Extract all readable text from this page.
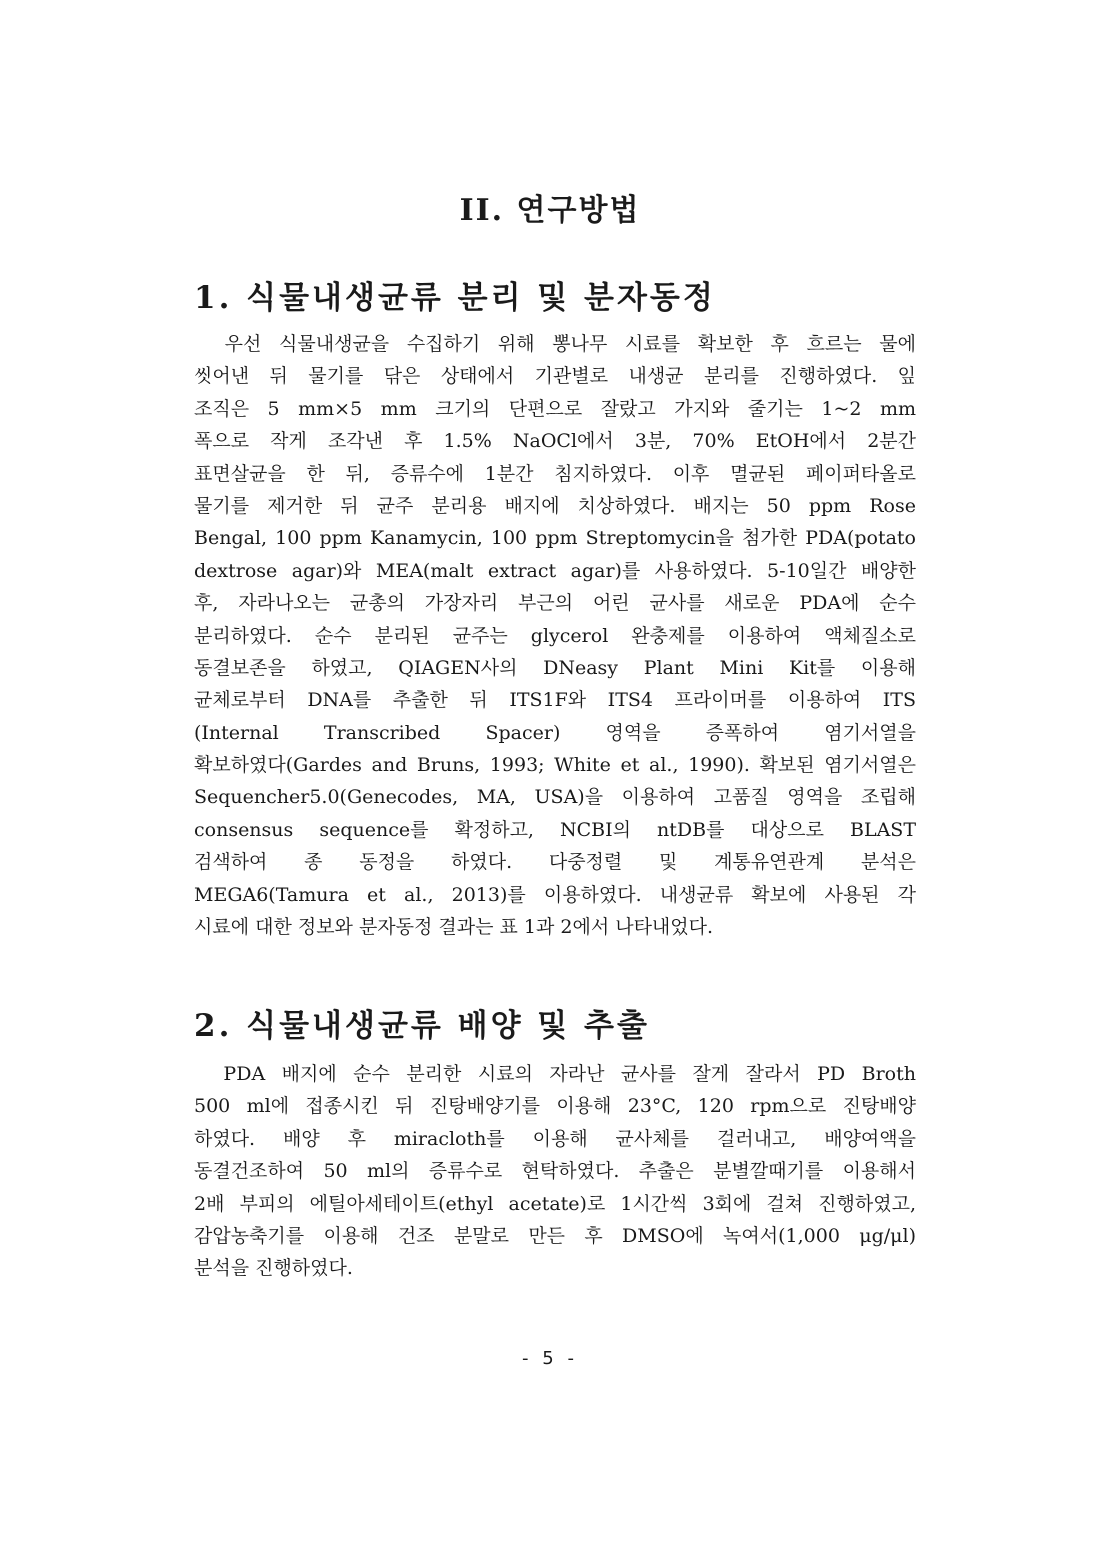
II. 연구방법
1. 식물내생균류 분리 및 분자동정
　우선 식물내생균을 수집하기 위해 뽕나무 시료를 확보한 후 흐르는 물에
씻어낸 뒤 물기를 닦은 상태에서 기관별로 내생균 분리를 진행하였다. 잎
조직은 5 mm×5 mm 크기의 단편으로 잘랐고 가지와 줄기는 1~2 mm
폭으로 작게 조각낸 후 1.5% NaOCl에서 3분, 70% EtOH에서 2분간
표면살균을 한 뒤, 증류수에 1분간 침지하였다. 이후 멸균된 페이퍼타올로
물기를 제거한 뒤 균주 분리용 배지에 치상하였다. 배지는 50 ppm Rose
Bengal, 100 ppm Kanamycin, 100 ppm Streptomycin을 첨가한 PDA(potato
dextrose agar)와 MEA(malt extract agar)를 사용하였다. 5-10일간 배양한
후, 자라나오는 균총의 가장자리 부근의 어린 균사를 새로운 PDA에 순수
분리하였다. 순수 분리된 균주는 glycerol 완충제를 이용하여 액체질소로
동결보존을 하였고, QIAGEN사의 DNeasy Plant Mini Kit를 이용해
균체로부터 DNA를 추출한 뒤 ITS1F와 ITS4 프라이머를 이용하여 ITS
(Internal Transcribed Spacer) 영역을 증폭하여 염기서열을
확보하였다(Gardes and Bruns, 1993; White et al., 1990). 확보된 염기서열은
Sequencher5.0(Genecodes, MA, USA)을 이용하여 고품질 영역을 조립해
consensus sequence를 확정하고, NCBI의 ntDB를 대상으로 BLAST
검색하여 종 동정을 하였다. 다중정렬 및 계통유연관계 분석은
MEGA6(Tamura et al., 2013)를 이용하였다. 내생균류 확보에 사용된 각
시료에 대한 정보와 분자동정 결과는 표 1과 2에서 나타내었다.
2. 식물내생균류 배양 및 추출
　PDA 배지에 순수 분리한 시료의 자라난 균사를 잘게 잘라서 PD Broth
500 ml에 접종시킨 뒤 진탕배양기를 이용해 23°C, 120 rpm으로 진탕배양
하였다. 배양 후 miracloth를 이용해 균사체를 걸러내고, 배양여액을
동결건조하여 50 ml의 증류수로 현탁하였다. 추출은 분별깔때기를 이용해서
2배 부피의 에틸아세테이트(ethyl acetate)로 1시간씩 3회에 걸쳐 진행하였고,
감압농축기를 이용해 건조 분말로 만든 후 DMSO에 녹여서(1,000 μg/μl)
분석을 진행하였다.
- 5 -
